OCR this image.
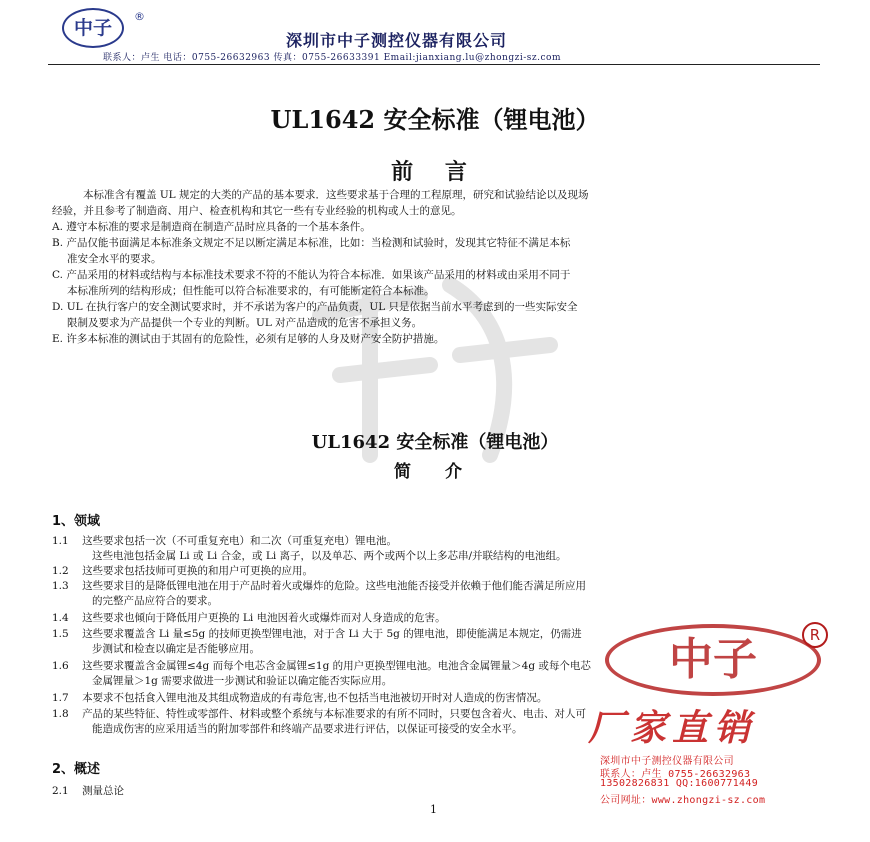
中子
®
深圳市中子测控仪器有限公司
联系人：卢生 电话：0755-26632963 传真：0755-26633391 Email:jianxiang.lu@zhongzi-sz.com
UL1642 安全标准（锂电池）
前 言
本标准含有覆盖 UL 规定的大类的产品的基本要求．这些要求基于合理的工程原理，研究和试验结论以及现场
经验，并且参考了制造商、用户、检查机构和其它一些有专业经验的机构或人士的意见。
A. 遵守本标准的要求是制造商在制造产品时应具备的一个基本条件。
B. 产品仅能书面满足本标准条文规定不足以断定满足本标准，比如：当检测和试验时，发现其它特征不满足本标
准安全水平的要求。
C. 产品采用的材料或结构与本标准技术要求不符的不能认为符合本标准．如果该产品采用的材料或由采用不同于
本标准所列的结构形成；但性能可以符合标准要求的，有可能断定符合本标准。
D. UL 在执行客户的安全测试要求时，并不承诺为客户的产品负责，UL 只是依据当前水平考虑到的一些实际安全
限制及要求为产品提供一个专业的判断。UL 对产品造成的危害不承担义务。
E. 许多本标准的测试由于其固有的危险性，必须有足够的人身及财产安全防护措施。
UL1642 安全标准（锂电池）
简 介
1、领域
1.1 这些要求包括一次（不可重复充电）和二次（可重复充电）锂电池。
这些电池包括金属 Li 或 Li 合金，或 Li 离子，以及单芯、两个或两个以上多芯串/并联结构的电池组。
1.2 这些要求包括技师可更换的和用户可更换的应用。
1.3 这些要求目的是降低锂电池在用于产品时着火或爆炸的危险。这些电池能否接受并依赖于他们能否满足所应用
的完整产品应符合的要求。
1.4 这些要求也倾向于降低用户更换的 Li 电池因着火或爆炸而对人身造成的危害。
1.5 这些要求覆盖含 Li 量≤5g 的技师更换型锂电池，对于含 Li 大于 5g 的锂电池，即使能满足本规定，仍需进
步测试和检查以确定是否能够应用。
1.6 这些要求覆盖含金属锂≤4g 而每个电芯含金属锂≤1g 的用户更换型锂电池。电池含金属锂量＞4g 或每个电芯
金属锂量＞1g 需要求做进一步测试和验证以确定能否实际应用。
1.7 本要求不包括食入锂电池及其组成物造成的有毒危害,也不包括当电池被切开时对人造成的伤害情况。
1.8 产品的某些特征、特性或零部件、材料或整个系统与本标准要求的有所不同时，只要包含着火、电击、对人可
能造成伤害的应采用适当的附加零部件和终端产品要求进行评估，以保证可接受的安全水平。
2、概述
2.1 测量总论
中子	R
厂家直销
深圳市中子测控仪器有限公司
联系人：卢生 0755-26632963
13502826831 QQ:1600771449
公司网址：www.zhongzi-sz.com
1
